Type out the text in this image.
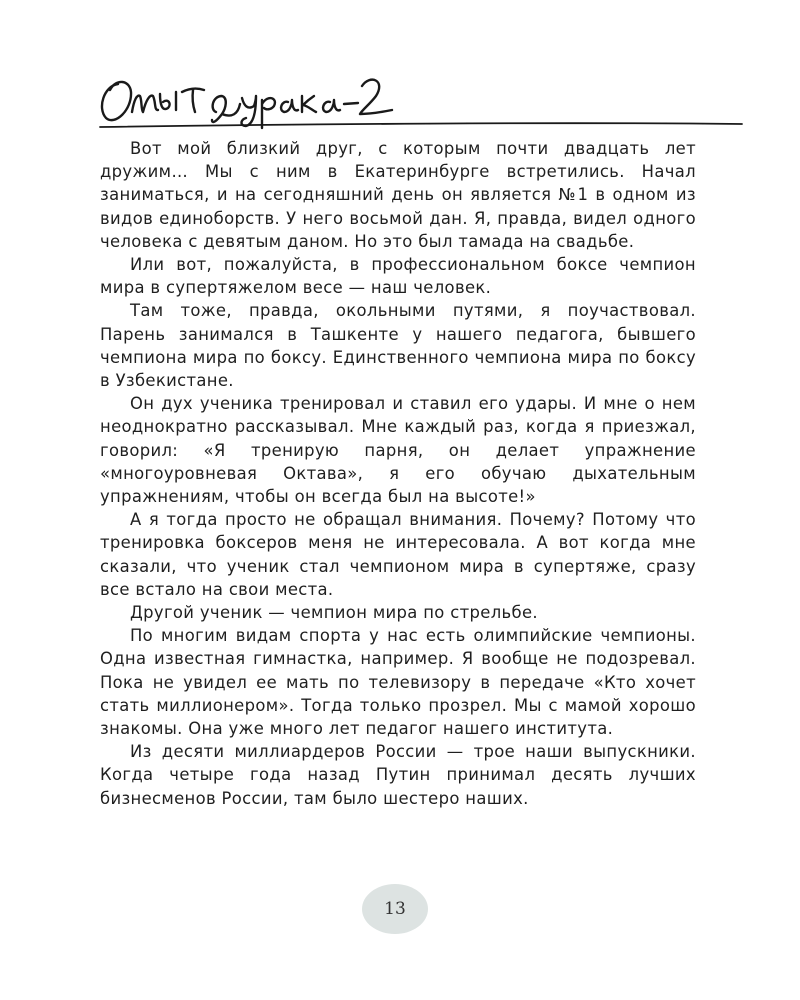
Вот мой близкий друг, с которым почти двадцать лет дружим… Мы с ним в Екатеринбурге встретились. Начал заниматься, и на сегодняшний день он является №1 в одном из видов единоборств. У него восьмой дан. Я, правда, видел одного человека с девятым даном. Но это был тамада на свадьбе.

Или вот, пожалуйста, в профессиональном боксе чемпион мира в супертяжелом весе — наш человек.

Там тоже, правда, окольными путями, я поучаствовал. Парень занимался в Ташкенте у нашего педагога, бывшего чемпиона мира по боксу. Единственного чемпиона мира по боксу в Узбекистане.

Он дух ученика тренировал и ставил его удары. И мне о нем неоднократно рассказывал. Мне каждый раз, когда я приезжал, говорил: «Я тренирую парня, он делает упражнение «многоуровневая Октава», я его обучаю дыхательным упражнениям, чтобы он всегда был на высоте!»

А я тогда просто не обращал внимания. Почему? Потому что тренировка боксеров меня не интересовала. А вот когда мне сказали, что ученик стал чемпионом мира в супертяже, сразу все встало на свои места.

Другой ученик — чемпион мира по стрельбе.

По многим видам спорта у нас есть олимпийские чемпионы. Одна известная гимнастка, например. Я вообще не подозревал. Пока не увидел ее мать по телевизору в передаче «Кто хочет стать миллионером». Тогда только прозрел. Мы с мамой хорошо знакомы. Она уже много лет педагог нашего института.

Из десяти миллиардеров России — трое наши выпускники. Когда четыре года назад Путин принимал десять лучших бизнесменов России, там было шестеро наших.

13
